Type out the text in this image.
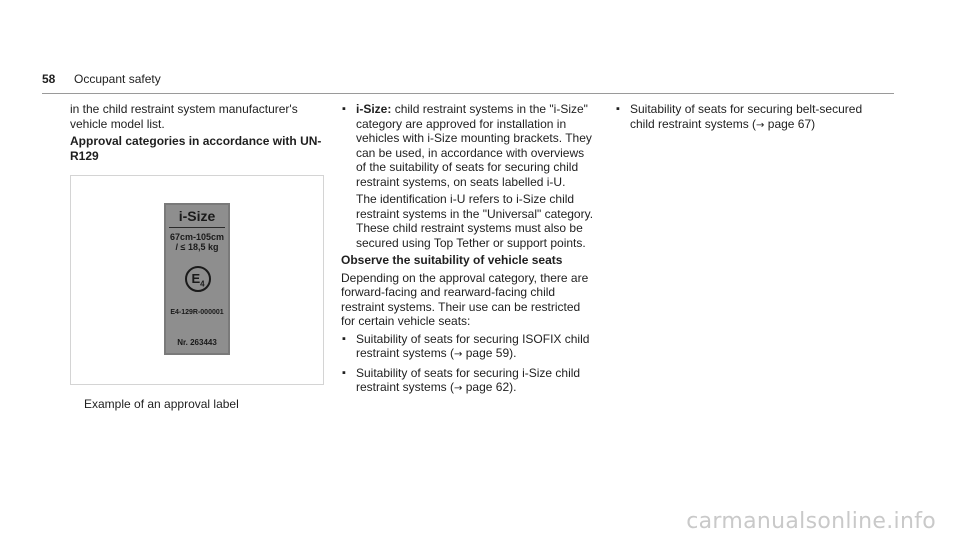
58 Occupant safety

in the child restraint system manufacturer's vehicle model list.

Approval categories in accordance with UN-R129

i-Size
67cm-105cm
/ ≤ 18,5 kg
$E_4$
E4-129R-000001
Nr. 263443

Example of an approval label

▪ i-Size: child restraint systems in the "i-Size" category are approved for installation in vehicles with i-Size mounting brackets. They can be used, in accordance with overviews of the suitability of seats for securing child restraint systems, on seats labelled i-U.

The identification i-U refers to i-Size child restraint systems in the "Universal" category. These child restraint systems must also be secured using Top Tether or support points.

Observe the suitability of vehicle seats

Depending on the approval category, there are forward-facing and rearward-facing child restraint systems. Their use can be restricted for certain vehicle seats:

▪ Suitability of seats for securing ISOFIX child restraint systems (→ page 59).
▪ Suitability of seats for securing i-Size child restraint systems (→ page 62).
▪ Suitability of seats for securing belt-secured child restraint systems (→ page 67)
carmanualsonline.info
